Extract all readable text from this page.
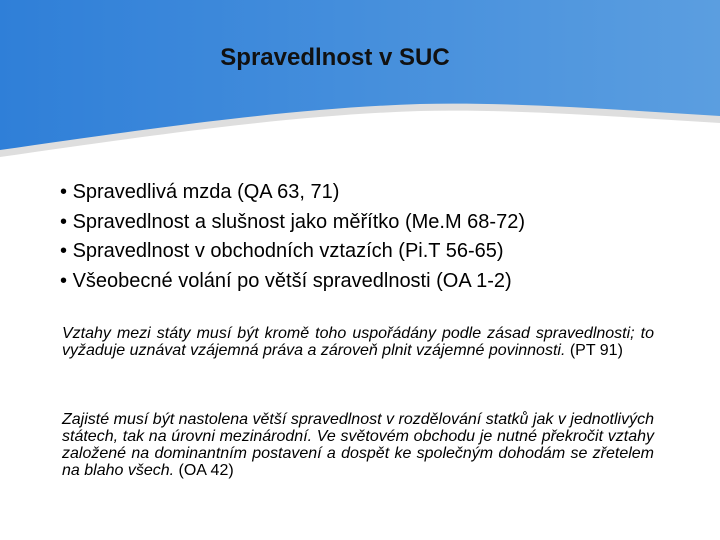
Spravedlnost v SUC
• Spravedlivá mzda (QA 63, 71)
• Spravedlnost a slušnost jako měřítko (Me.M 68-72)
• Spravedlnost v obchodních vztazích (Pi.T 56-65)
• Všeobecné volání po větší spravedlnosti (OA 1-2)

Vztahy mezi státy musí být kromě toho uspořádány podle zásad spravedlnosti; to vyžaduje uznávat vzájemná práva a zároveň plnit vzájemné povinnosti. (PT 91)

Zajisté musí být nastolena větší spravedlnost v rozdělování statků jak v jednotlivých státech, tak na úrovni mezinárodní. Ve světovém obchodu je nutné překročit vztahy založené na dominantním postavení a dospět ke společným dohodám se zřetelem na blaho všech. (OA 42)
